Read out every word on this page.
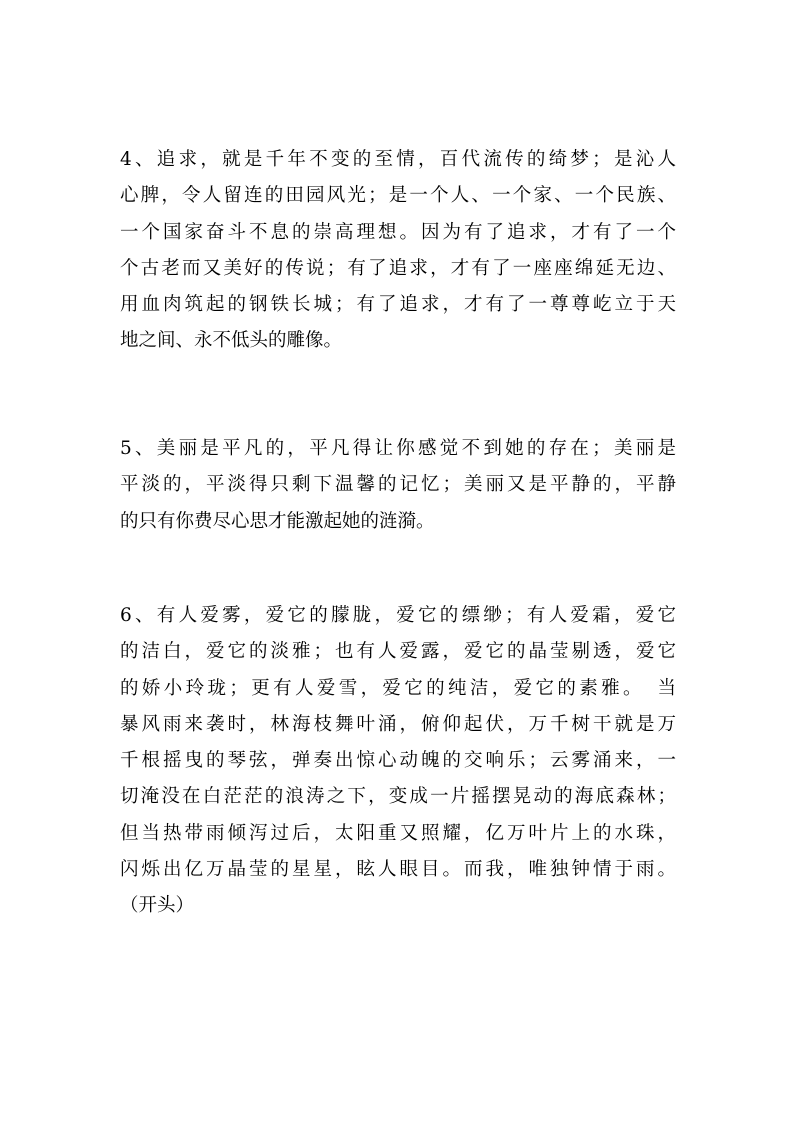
4、追求，就是千年不变的至情，百代流传的绮梦；是沁人
心脾，令人留连的田园风光；是一个人、一个家、一个民族、
一个国家奋斗不息的崇高理想。因为有了追求，才有了一个
个古老而又美好的传说；有了追求，才有了一座座绵延无边、
用血肉筑起的钢铁长城；有了追求，才有了一尊尊屹立于天
地之间、永不低头的雕像。
5、美丽是平凡的，平凡得让你感觉不到她的存在；美丽是
平淡的，平淡得只剩下温馨的记忆；美丽又是平静的，平静
的只有你费尽心思才能激起她的涟漪。
6、有人爱雾，爱它的朦胧，爱它的缥缈；有人爱霜，爱它
的洁白，爱它的淡雅；也有人爱露，爱它的晶莹剔透，爱它
的娇小玲珑；更有人爱雪，爱它的纯洁，爱它的素雅。　当
暴风雨来袭时，林海枝舞叶涌，俯仰起伏，万千树干就是万
千根摇曳的琴弦，弹奏出惊心动魄的交响乐；云雾涌来，一
切淹没在白茫茫的浪涛之下，变成一片摇摆晃动的海底森林；
但当热带雨倾泻过后，太阳重又照耀，亿万叶片上的水珠，
闪烁出亿万晶莹的星星，眩人眼目。而我，唯独钟情于雨。
（开头）
